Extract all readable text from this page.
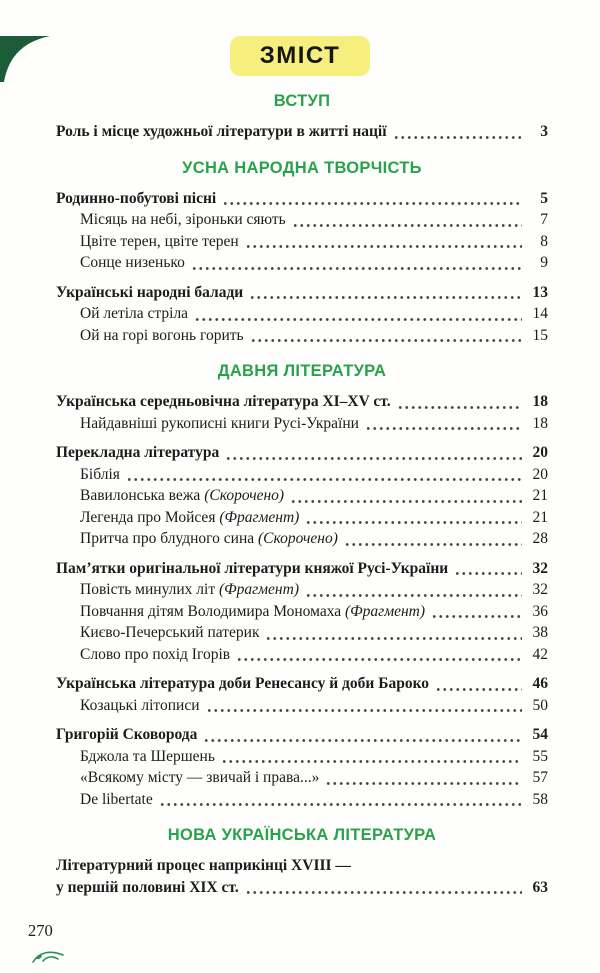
ЗМІСТ
ВСТУП
Роль і місце художньої літератури в житті нації	3
УСНА НАРОДНА ТВОРЧІСТЬ
Родинно-побутові пісні	5
Місяць на небі, зіроньки сяють	7
Цвіте терен, цвіте терен	8
Сонце низенько	9
Українські народні балади	13
Ой летіла стріла	14
Ой на горі вогонь горить	15
ДАВНЯ ЛІТЕРАТУРА
Українська середньовічна література XI–XV ст.	18
Найдавніші рукописні книги Русі-України	18
Перекладна література	20
Біблія	20
Вавилонська вежа (Скорочено)	21
Легенда про Мойсея (Фрагмент)	21
Притча про блудного сина (Скорочено)	28
Пам’ятки оригінальної літератури княжої Русі-України	32
Повість минулих літ (Фрагмент)	32
Повчання дітям Володимира Мономаха (Фрагмент)	36
Києво-Печерський патерик	38
Слово про похід Ігорів	42
Українська література доби Ренесансу й доби Бароко	46
Козацькі літописи	50
Григорій Сковорода	54
Бджола та Шершень	55
«Всякому місту — звичай і права...»	57
De libertate	58
НОВА УКРАЇНСЬКА ЛІТЕРАТУРА
Літературний процес наприкінці XVIII —
у першій половині XIX ст.	63
270
